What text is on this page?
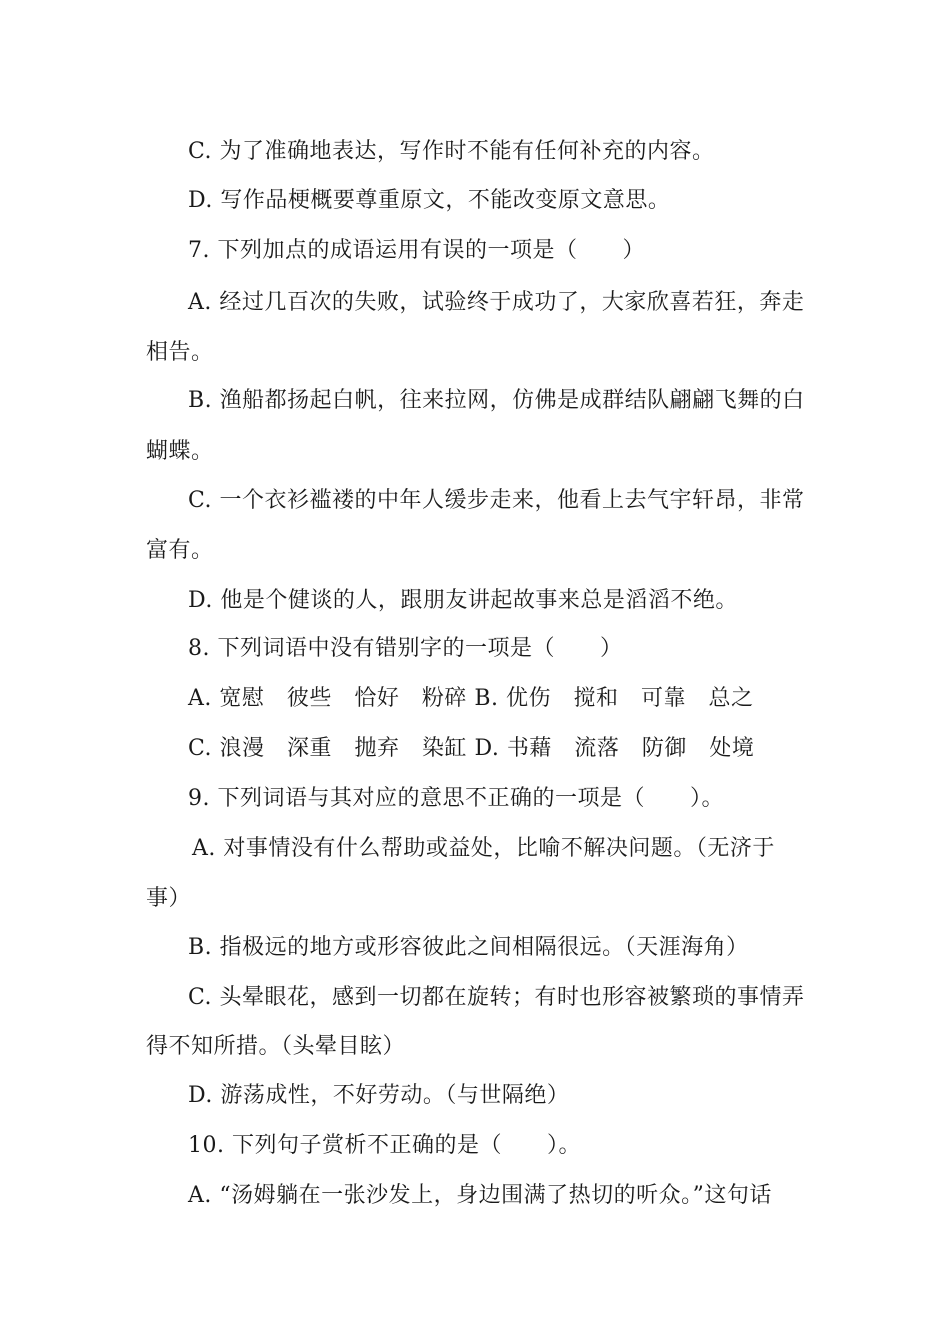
C. 为了准确地表达，写作时不能有任何补充的内容。
D. 写作品梗概要尊重原文，不能改变原文意思。
7. 下列加点的成语运用有误的一项是（　　）
A. 经过几百次的失败，试验终于成功了，大家欣喜若狂，奔走
相告。
B. 渔船都扬起白帆，往来拉网，仿佛是成群结队翩翩飞舞的白
蝴蝶。
C. 一个衣衫褴褛的中年人缓步走来，他看上去气宇轩昂，非常
富有。
D. 他是个健谈的人，跟朋友讲起故事来总是滔滔不绝。
8. 下列词语中没有错别字的一项是（　　）
A. 宽慰　彼些　恰好　粉碎 B. 优伤　搅和　可靠　总之
C. 浪漫　深重　抛弃　染缸 D. 书藉　流落　防御　处境
9. 下列词语与其对应的意思不正确的一项是（　　）。
A. 对事情没有什么帮助或益处，比喻不解决问题。（无济于
事）
B. 指极远的地方或形容彼此之间相隔很远。（天涯海角）
C. 头晕眼花，感到一切都在旋转；有时也形容被繁琐的事情弄
得不知所措。（头晕目眩）
D. 游荡成性，不好劳动。（与世隔绝）
10. 下列句子赏析不正确的是（　　）。
A. “汤姆躺在一张沙发上，身边围满了热切的听众。”这句话
